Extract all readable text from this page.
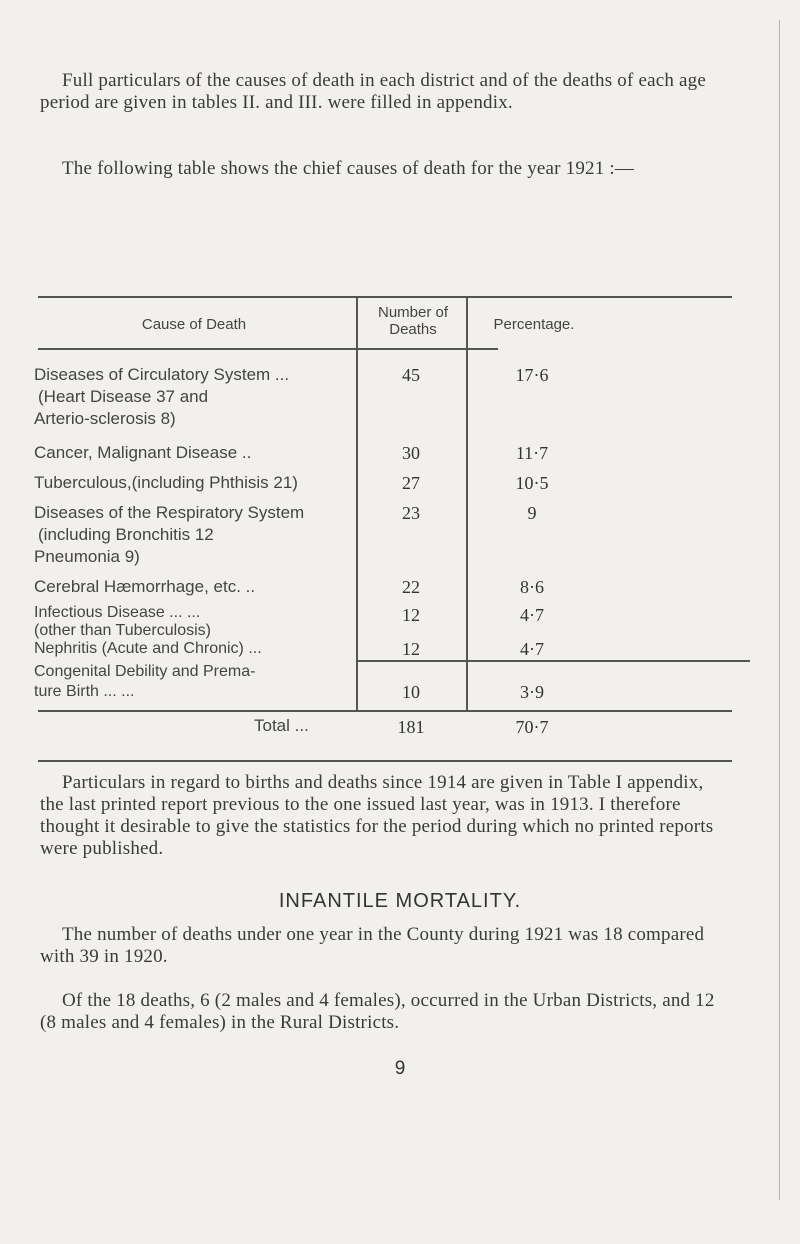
Full particulars of the causes of death in each district and of the deaths of each age period are given in tables II. and III. were filled in appendix.

The following table shows the chief causes of death for the year 1921 :—

Cause of Death
Number of Deaths	Percentage.
Diseases of Circulatory System ...
(Heart Disease 37 and
Arterio-sclerosis 8)
45	17·6
Cancer, Malignant Disease ..	30	11·7
Tuberculous,(including Phthisis 21)	27	10·5
Diseases of the Respiratory System
(including Bronchitis 12
Pneumonia 9)
23	9
Cerebral Hæmorrhage, etc. ..	22	8·6
Infectious Disease ... ...
(other than Tuberculosis)
12	4·7
Nephritis (Acute and Chronic) ...	12	4·7
Congenital Debility and Prema-
ture Birth ... ...	10	3·9
Total ...	181	70·7

Particulars in regard to births and deaths since 1914 are given in Table I appendix, the last printed report previous to the one issued last year, was in 1913. I therefore thought it desirable to give the statistics for the period during which no printed reports were published.

INFANTILE MORTALITY.

The number of deaths under one year in the County during 1921 was 18 compared with 39 in 1920.

Of the 18 deaths, 6 (2 males and 4 females), occurred in the Urban Districts, and 12 (8 males and 4 females) in the Rural Districts.

9
